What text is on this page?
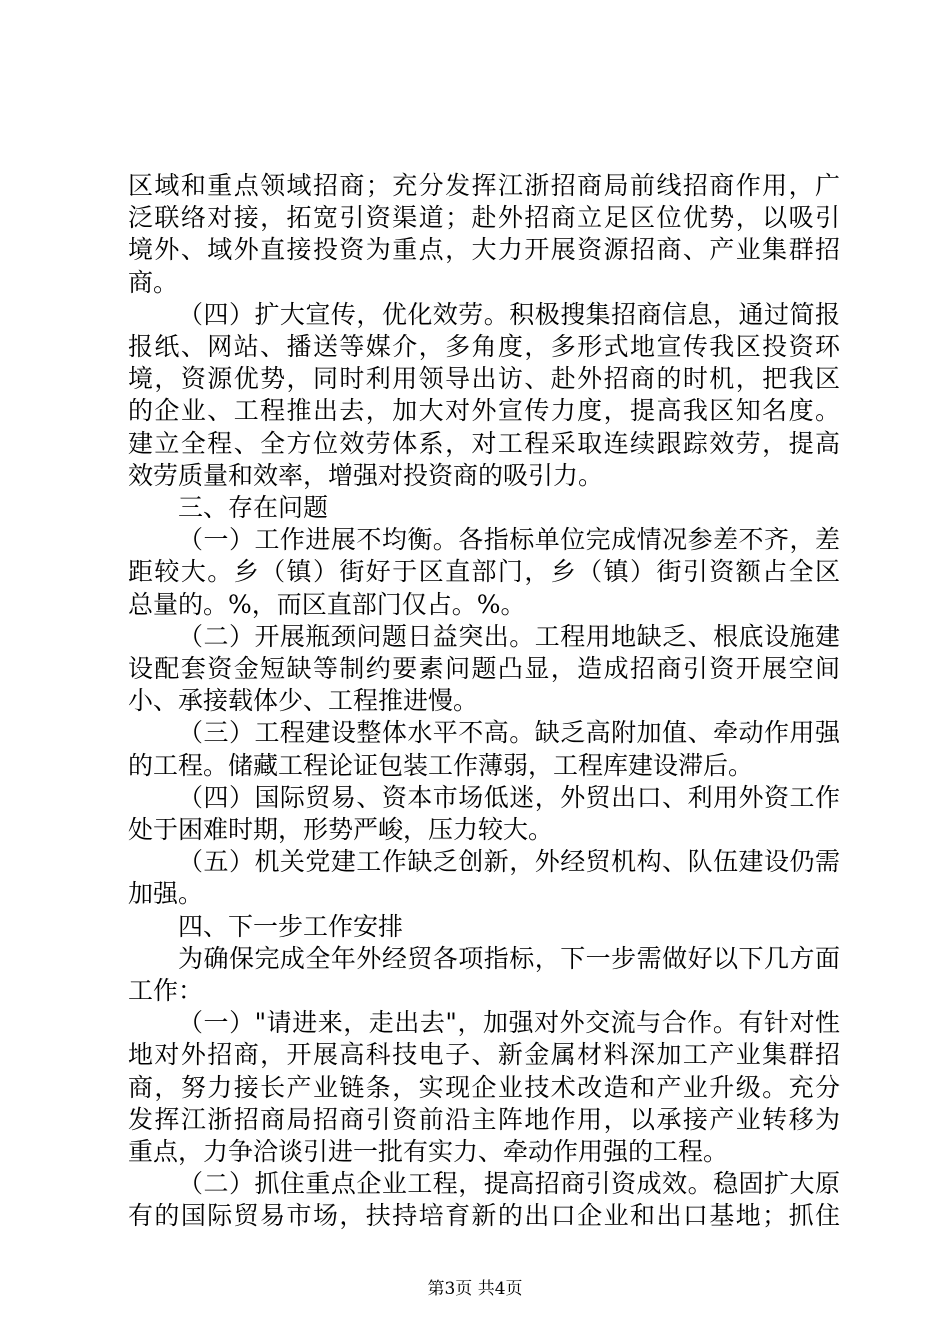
区域和重点领域招商；充分发挥江浙招商局前线招商作用，广
泛联络对接，拓宽引资渠道；赴外招商立足区位优势，以吸引
境外、域外直接投资为重点，大力开展资源招商、产业集群招
商。
（四）扩大宣传，优化效劳。积极搜集招商信息，通过简报
报纸、网站、播送等媒介，多角度，多形式地宣传我区投资环
境，资源优势，同时利用领导出访、赴外招商的时机，把我区
的企业、工程推出去，加大对外宣传力度，提高我区知名度。
建立全程、全方位效劳体系，对工程采取连续跟踪效劳，提高
效劳质量和效率，增强对投资商的吸引力。
三、存在问题
（一）工作进展不均衡。各指标单位完成情况参差不齐，差
距较大。乡（镇）街好于区直部门，乡（镇）街引资额占全区
总量的。%，而区直部门仅占。%。
（二）开展瓶颈问题日益突出。工程用地缺乏、根底设施建
设配套资金短缺等制约要素问题凸显，造成招商引资开展空间
小、承接载体少、工程推进慢。
（三）工程建设整体水平不高。缺乏高附加值、牵动作用强
的工程。储藏工程论证包装工作薄弱，工程库建设滞后。
（四）国际贸易、资本市场低迷，外贸出口、利用外资工作
处于困难时期，形势严峻，压力较大。
（五）机关党建工作缺乏创新，外经贸机构、队伍建设仍需
加强。
四、下一步工作安排
为确保完成全年外经贸各项指标，下一步需做好以下几方面
工作：
（一）"请进来，走出去"，加强对外交流与合作。有针对性
地对外招商，开展高科技电子、新金属材料深加工产业集群招
商，努力接长产业链条，实现企业技术改造和产业升级。充分
发挥江浙招商局招商引资前沿主阵地作用，以承接产业转移为
重点，力争洽谈引进一批有实力、牵动作用强的工程。
（二）抓住重点企业工程，提高招商引资成效。稳固扩大原
有的国际贸易市场，扶持培育新的出口企业和出口基地；抓住
第3页 共4页
